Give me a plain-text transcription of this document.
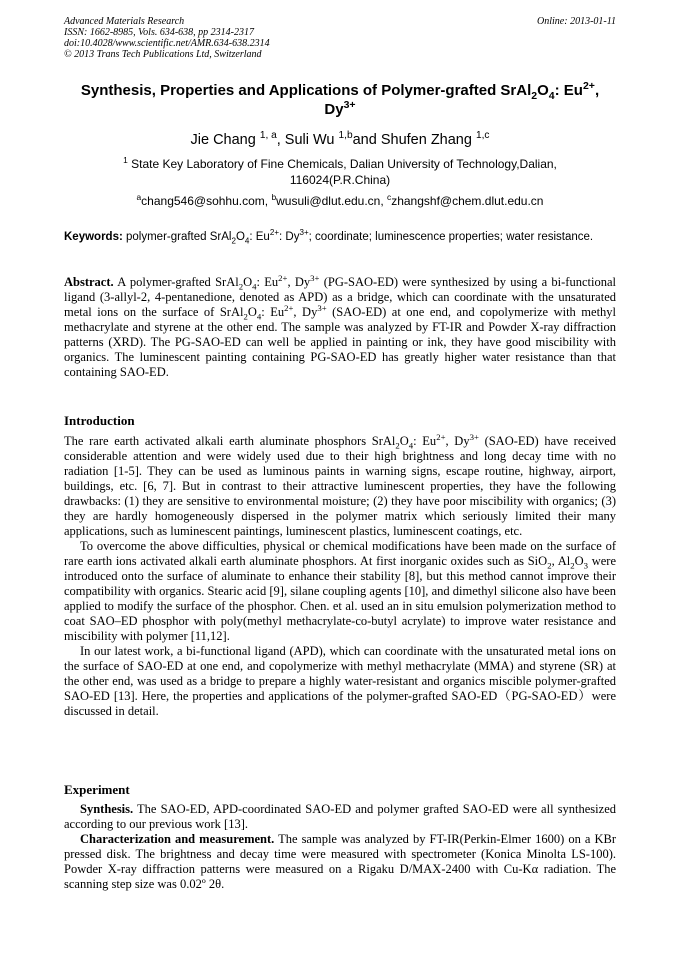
Advanced Materials Research	Online: 2013-01-11
ISSN: 1662-8985, Vols. 634-638, pp 2314-2317
doi:10.4028/www.scientific.net/AMR.634-638.2314
© 2013 Trans Tech Publications Ltd, Switzerland
Synthesis, Properties and Applications of Polymer-grafted $SrAl_2O_4$: $Eu^{2+}$,
$Dy^{3+}$
Jie Chang $^{1, a}$, Suli Wu $^{1,b}$and Shufen Zhang $^{1,c}$
$^1$ State Key Laboratory of Fine Chemicals, Dalian University of Technology,Dalian, 116024(P.R.China)
$^a$chang546@sohhu.com, $^b$wusuli@dlut.edu.cn, $^c$zhangshf@chem.dlut.edu.cn
Keywords: polymer-grafted $SrAl_2O_4$: $Eu^{2+}$: $Dy^{3+}$; coordinate; luminescence properties; water resistance.

Abstract. A polymer-grafted $SrAl_2O_4$: $Eu^{2+}$, $Dy^{3+}$ (PG-SAO-ED) were synthesized by using a bi-functional ligand (3-allyl-2, 4-pentanedione, denoted as APD) as a bridge, which can coordinate with the unsaturated metal ions on the surface of $SrAl_2O_4$: $Eu^{2+}$, $Dy^{3+}$ (SAO-ED) at one end, and copolymerize with methyl methacrylate and styrene at the other end. The sample was analyzed by FT-IR and Powder X-ray diffraction patterns (XRD). The PG-SAO-ED can well be applied in painting or ink, they have good miscibility with organics. The luminescent painting containing PG-SAO-ED has greatly higher water resistance than that containing SAO-ED.

Introduction

The rare earth activated alkali earth aluminate phosphors $SrAl_2O_4$: $Eu^{2+}$, $Dy^{3+}$ (SAO-ED) have received considerable attention and were widely used due to their high brightness and long decay time with no radiation [1-5]. They can be used as luminous paints in warning signs, escape routine, highway, airport, buildings, etc. [6, 7]. But in contrast to their attractive luminescent properties, they have the following drawbacks: (1) they are sensitive to environmental moisture; (2) they have poor miscibility with organics; (3) they are hardly homogeneously dispersed in the polymer matrix which seriously limited their many applications, such as luminescent paintings, luminescent plastics, luminescent coatings, etc.

To overcome the above difficulties, physical or chemical modifications have been made on the surface of rare earth ions activated alkali earth aluminate phosphors. At first inorganic oxides such as SiO$_2$, $Al_2O_3$ were introduced onto the surface of aluminate to enhance their stability [8], but this method cannot improve their compatibility with organics. Stearic acid [9], silane coupling agents [10], and dimethyl silicone also have been applied to modify the surface of the phosphor. Chen. et al. used an in situ emulsion polymerization method to coat SAO–ED phosphor with poly(methyl methacrylate-co-butyl acrylate) to improve water resistance and miscibility with polymer [11,12].

In our latest work, a bi-functional ligand (APD), which can coordinate with the unsaturated metal ions on the surface of SAO-ED at one end, and copolymerize with methyl methacrylate (MMA) and styrene (SR) at the other end, was used as a bridge to prepare a highly water-resistant and organics miscible polymer-grafted SAO-ED [13]. Here, the properties and applications of the polymer-grafted SAO-ED（PG-SAO-ED）were discussed in detail.

Experiment

Synthesis. The SAO-ED, APD-coordinated SAO-ED and polymer grafted SAO-ED were all synthesized according to our previous work [13].

Characterization and measurement. The sample was analyzed by FT-IR(Perkin-Elmer 1600) on a KBr pressed disk. The brightness and decay time were measured with spectrometer (Konica Minolta LS-100). Powder X-ray diffraction patterns were measured on a Rigaku D/MAX-2400 with Cu-Kα radiation. The scanning step size was 0.02º 2θ.
